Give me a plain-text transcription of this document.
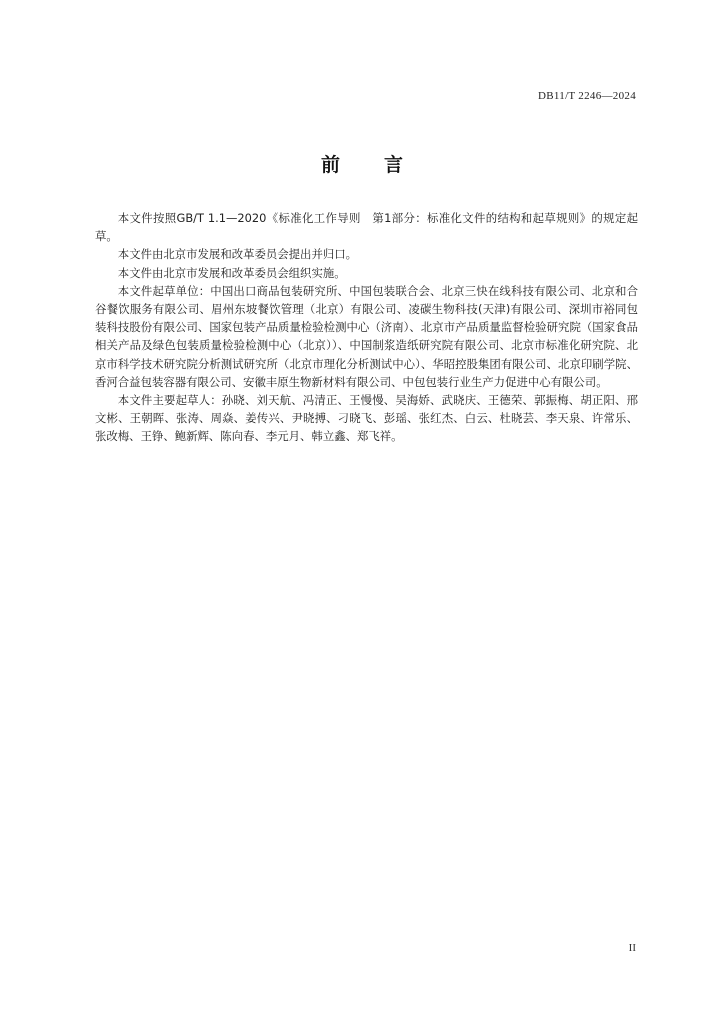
DB11/T 2246—2024
前 言

本文件按照GB/T 1.1—2020《标准化工作导则　第1部分：标准化文件的结构和起草规则》的规定起草。

本文件由北京市发展和改革委员会提出并归口。

本文件由北京市发展和改革委员会组织实施。

本文件起草单位：中国出口商品包装研究所、中国包装联合会、北京三快在线科技有限公司、北京和合谷餐饮服务有限公司、眉州东坡餐饮管理（北京）有限公司、凌碳生物科技(天津)有限公司、深圳市裕同包装科技股份有限公司、国家包装产品质量检验检测中心（济南）、北京市产品质量监督检验研究院（国家食品相关产品及绿色包装质量检验检测中心（北京））、中国制浆造纸研究院有限公司、北京市标准化研究院、北京市科学技术研究院分析测试研究所（北京市理化分析测试中心）、华昭控股集团有限公司、北京印刷学院、香河合益包装容器有限公司、安徽丰原生物新材料有限公司、中包包装行业生产力促进中心有限公司。

本文件主要起草人：孙晓、刘天航、冯清正、王慢慢、吴海娇、武晓庆、王德荣、郭振梅、胡正阳、邢文彬、王朝晖、张涛、周焱、姜传兴、尹晓搏、刁晓飞、彭瑶、张红杰、白云、杜晓芸、李天泉、许常乐、张改梅、王铮、鲍新辉、陈向春、李元月、韩立鑫、郑飞祥。

II
